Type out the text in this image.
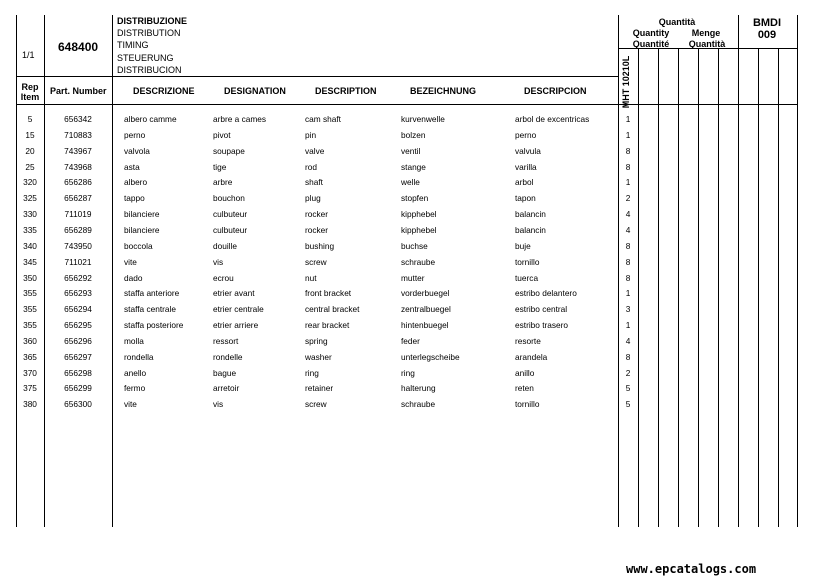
1/1
648400
DISTRIBUZIONE
DISTRIBUTION
TIMING
STEUERUNG
DISTRIBUCION
Quantità
Quantity	Menge
Quantité	Quantità
BMDI
009
MHT 10210L
Rep
Item
Part. Number	DESCRIZIONE	DESIGNATION	DESCRIPTION	BEZEICHNUNG	DESCRIPCION
5	656342	albero camme	arbre a cames	cam shaft	kurvenwelle	arbol de excentricas	1
15	710883	perno	pivot	pin	bolzen	perno	1
20	743967	valvola	soupape	valve	ventil	valvula	8
25	743968	asta	tige	rod	stange	varilla	8
320	656286	albero	arbre	shaft	welle	arbol	1
325	656287	tappo	bouchon	plug	stopfen	tapon	2
330	711019	bilanciere	culbuteur	rocker	kipphebel	balancin	4
335	656289	bilanciere	culbuteur	rocker	kipphebel	balancin	4
340	743950	boccola	douille	bushing	buchse	buje	8
345	711021	vite	vis	screw	schraube	tornillo	8
350	656292	dado	ecrou	nut	mutter	tuerca	8
355	656293	staffa anteriore	etrier avant	front bracket	vorderbuegel	estribo delantero	1
355	656294	staffa centrale	etrier centrale	central bracket	zentralbuegel	estribo central	3
355	656295	staffa posteriore	etrier arriere	rear bracket	hintenbuegel	estribo trasero	1
360	656296	molla	ressort	spring	feder	resorte	4
365	656297	rondella	rondelle	washer	unterlegscheibe	arandela	8
370	656298	anello	bague	ring	ring	anillo	2
375	656299	fermo	arretoir	retainer	halterung	reten	5
380	656300	vite	vis	screw	schraube	tornillo	5
www.epcatalogs.com
